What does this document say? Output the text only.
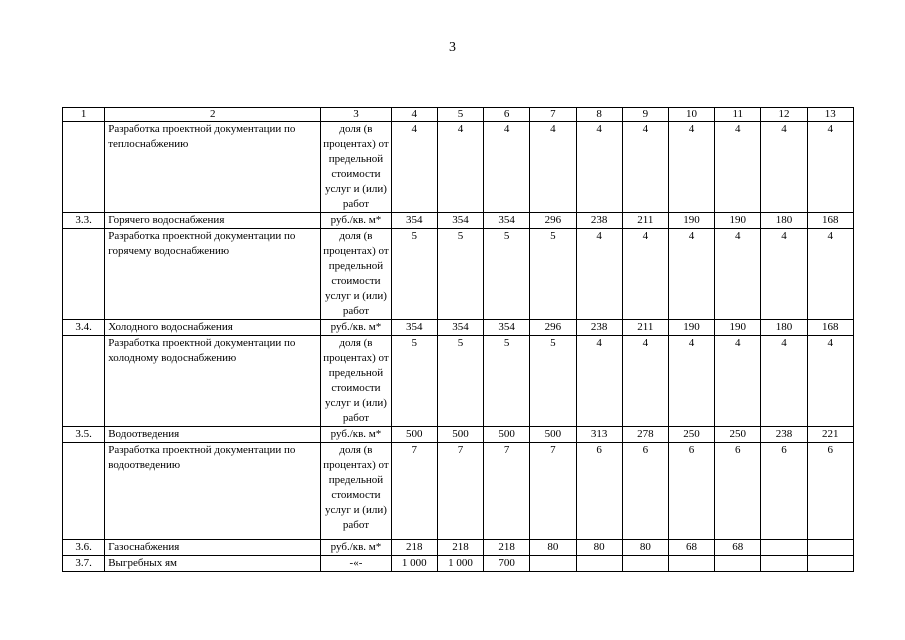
3
1	2	3	4	5	6	7	8	9	10	11	12	13
	Разработка проектной документации по теплоснабжению	доля (в процентах) от предельной стоимости услуг и (или) работ	4	4	4	4	4	4	4	4	4	4
3.3.	Горячего водоснабжения	руб./кв. м*	354	354	354	296	238	211	190	190	180	168
	Разработка проектной документации по горячему водоснабжению	доля (в процентах) от предельной стоимости услуг и (или) работ	5	5	5	5	4	4	4	4	4	4
3.4.	Холодного водоснабжения	руб./кв. м*	354	354	354	296	238	211	190	190	180	168
	Разработка проектной документации по холодному водоснабжению	доля (в процентах) от предельной стоимости услуг и (или) работ	5	5	5	5	4	4	4	4	4	4
3.5.	Водоотведения	руб./кв. м*	500	500	500	500	313	278	250	250	238	221
	Разработка проектной документации по водоотведению	доля (в процентах) от предельной стоимости услуг и (или) работ	7	7	7	7	6	6	6	6	6	6
3.6.	Газоснабжения	руб./кв. м*	218	218	218	80	80	80	68	68		
3.7.	Выгребных ям	-«-	1 000	1 000	700							
